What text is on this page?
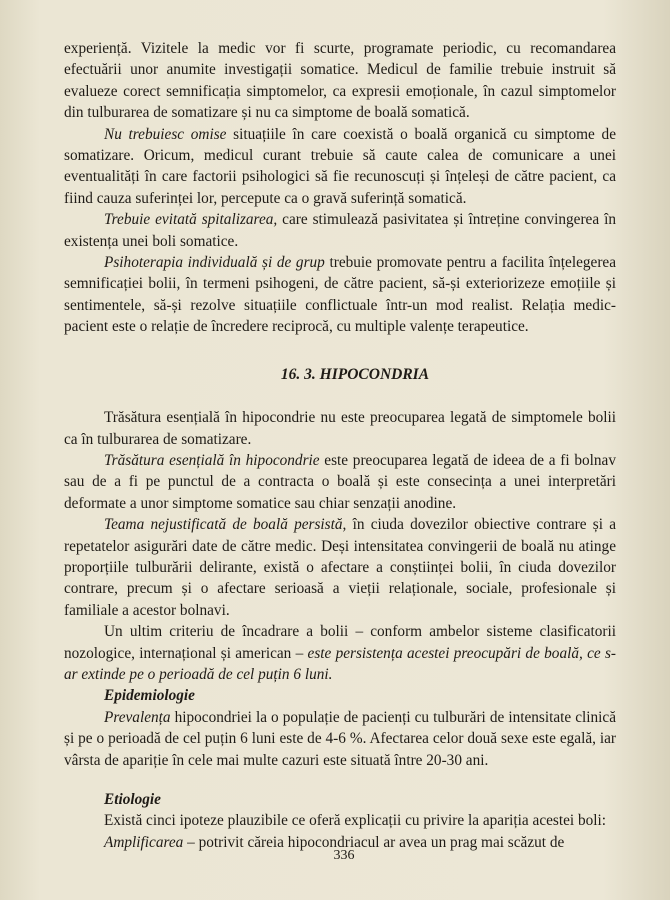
experiență. Vizitele la medic vor fi scurte, programate periodic, cu recomandarea efectuării unor anumite investigații somatice. Medicul de familie trebuie instruit să evalueze corect semnificația simptomelor, ca expresii emoționale, în cazul simptomelor din tulburarea de somatizare și nu ca simptome de boală somatică.

Nu trebuiesc omise situațiile în care coexistă o boală organică cu simptome de somatizare. Oricum, medicul curant trebuie să caute calea de comunicare a unei eventualități în care factorii psihologici să fie recunoscuți și înțeleși de către pacient, ca fiind cauza suferinței lor, percepute ca o gravă suferință somatică.

Trebuie evitată spitalizarea, care stimulează pasivitatea și întreține convingerea în existența unei boli somatice.

Psihoterapia individuală și de grup trebuie promovate pentru a facilita înțelegerea semnificației bolii, în termeni psihogeni, de către pacient, să-și exteriorizeze emoțiile și sentimentele, să-și rezolve situațiile conflictuale într-un mod realist. Relația medic-pacient este o relație de încredere reciprocă, cu multiple valențe terapeutice.

16. 3. HIPOCONDRIA

Trăsătura esențială în hipocondrie nu este preocuparea legată de simptomele bolii ca în tulburarea de somatizare.

Trăsătura esențială în hipocondrie este preocuparea legată de ideea de a fi bolnav sau de a fi pe punctul de a contracta o boală și este consecința a unei interpretări deformate a unor simptome somatice sau chiar senzații anodine.

Teama nejustificată de boală persistă, în ciuda dovezilor obiective contrare și a repetatelor asigurări date de către medic. Deși intensitatea convingerii de boală nu atinge proporțiile tulburării delirante, există o afectare a conștiinței bolii, în ciuda dovezilor contrare, precum și o afectare serioasă a vieții relaționale, sociale, profesionale și familiale a acestor bolnavi.

Un ultim criteriu de încadrare a bolii – conform ambelor sisteme clasificatorii nozologice, internațional și american – este persistența acestei preocupări de boală, ce s-ar extinde pe o perioadă de cel puțin 6 luni.

Epidemiologie

Prevalența hipocondriei la o populație de pacienți cu tulburări de intensitate clinică și pe o perioadă de cel puțin 6 luni este de 4-6 %. Afectarea celor două sexe este egală, iar vârsta de apariție în cele mai multe cazuri este situată între 20-30 ani.

Etiologie

Există cinci ipoteze plauzibile ce oferă explicații cu privire la apariția acestei boli:

Amplificarea – potrivit căreia hipocondriacul ar avea un prag mai scăzut de

336
